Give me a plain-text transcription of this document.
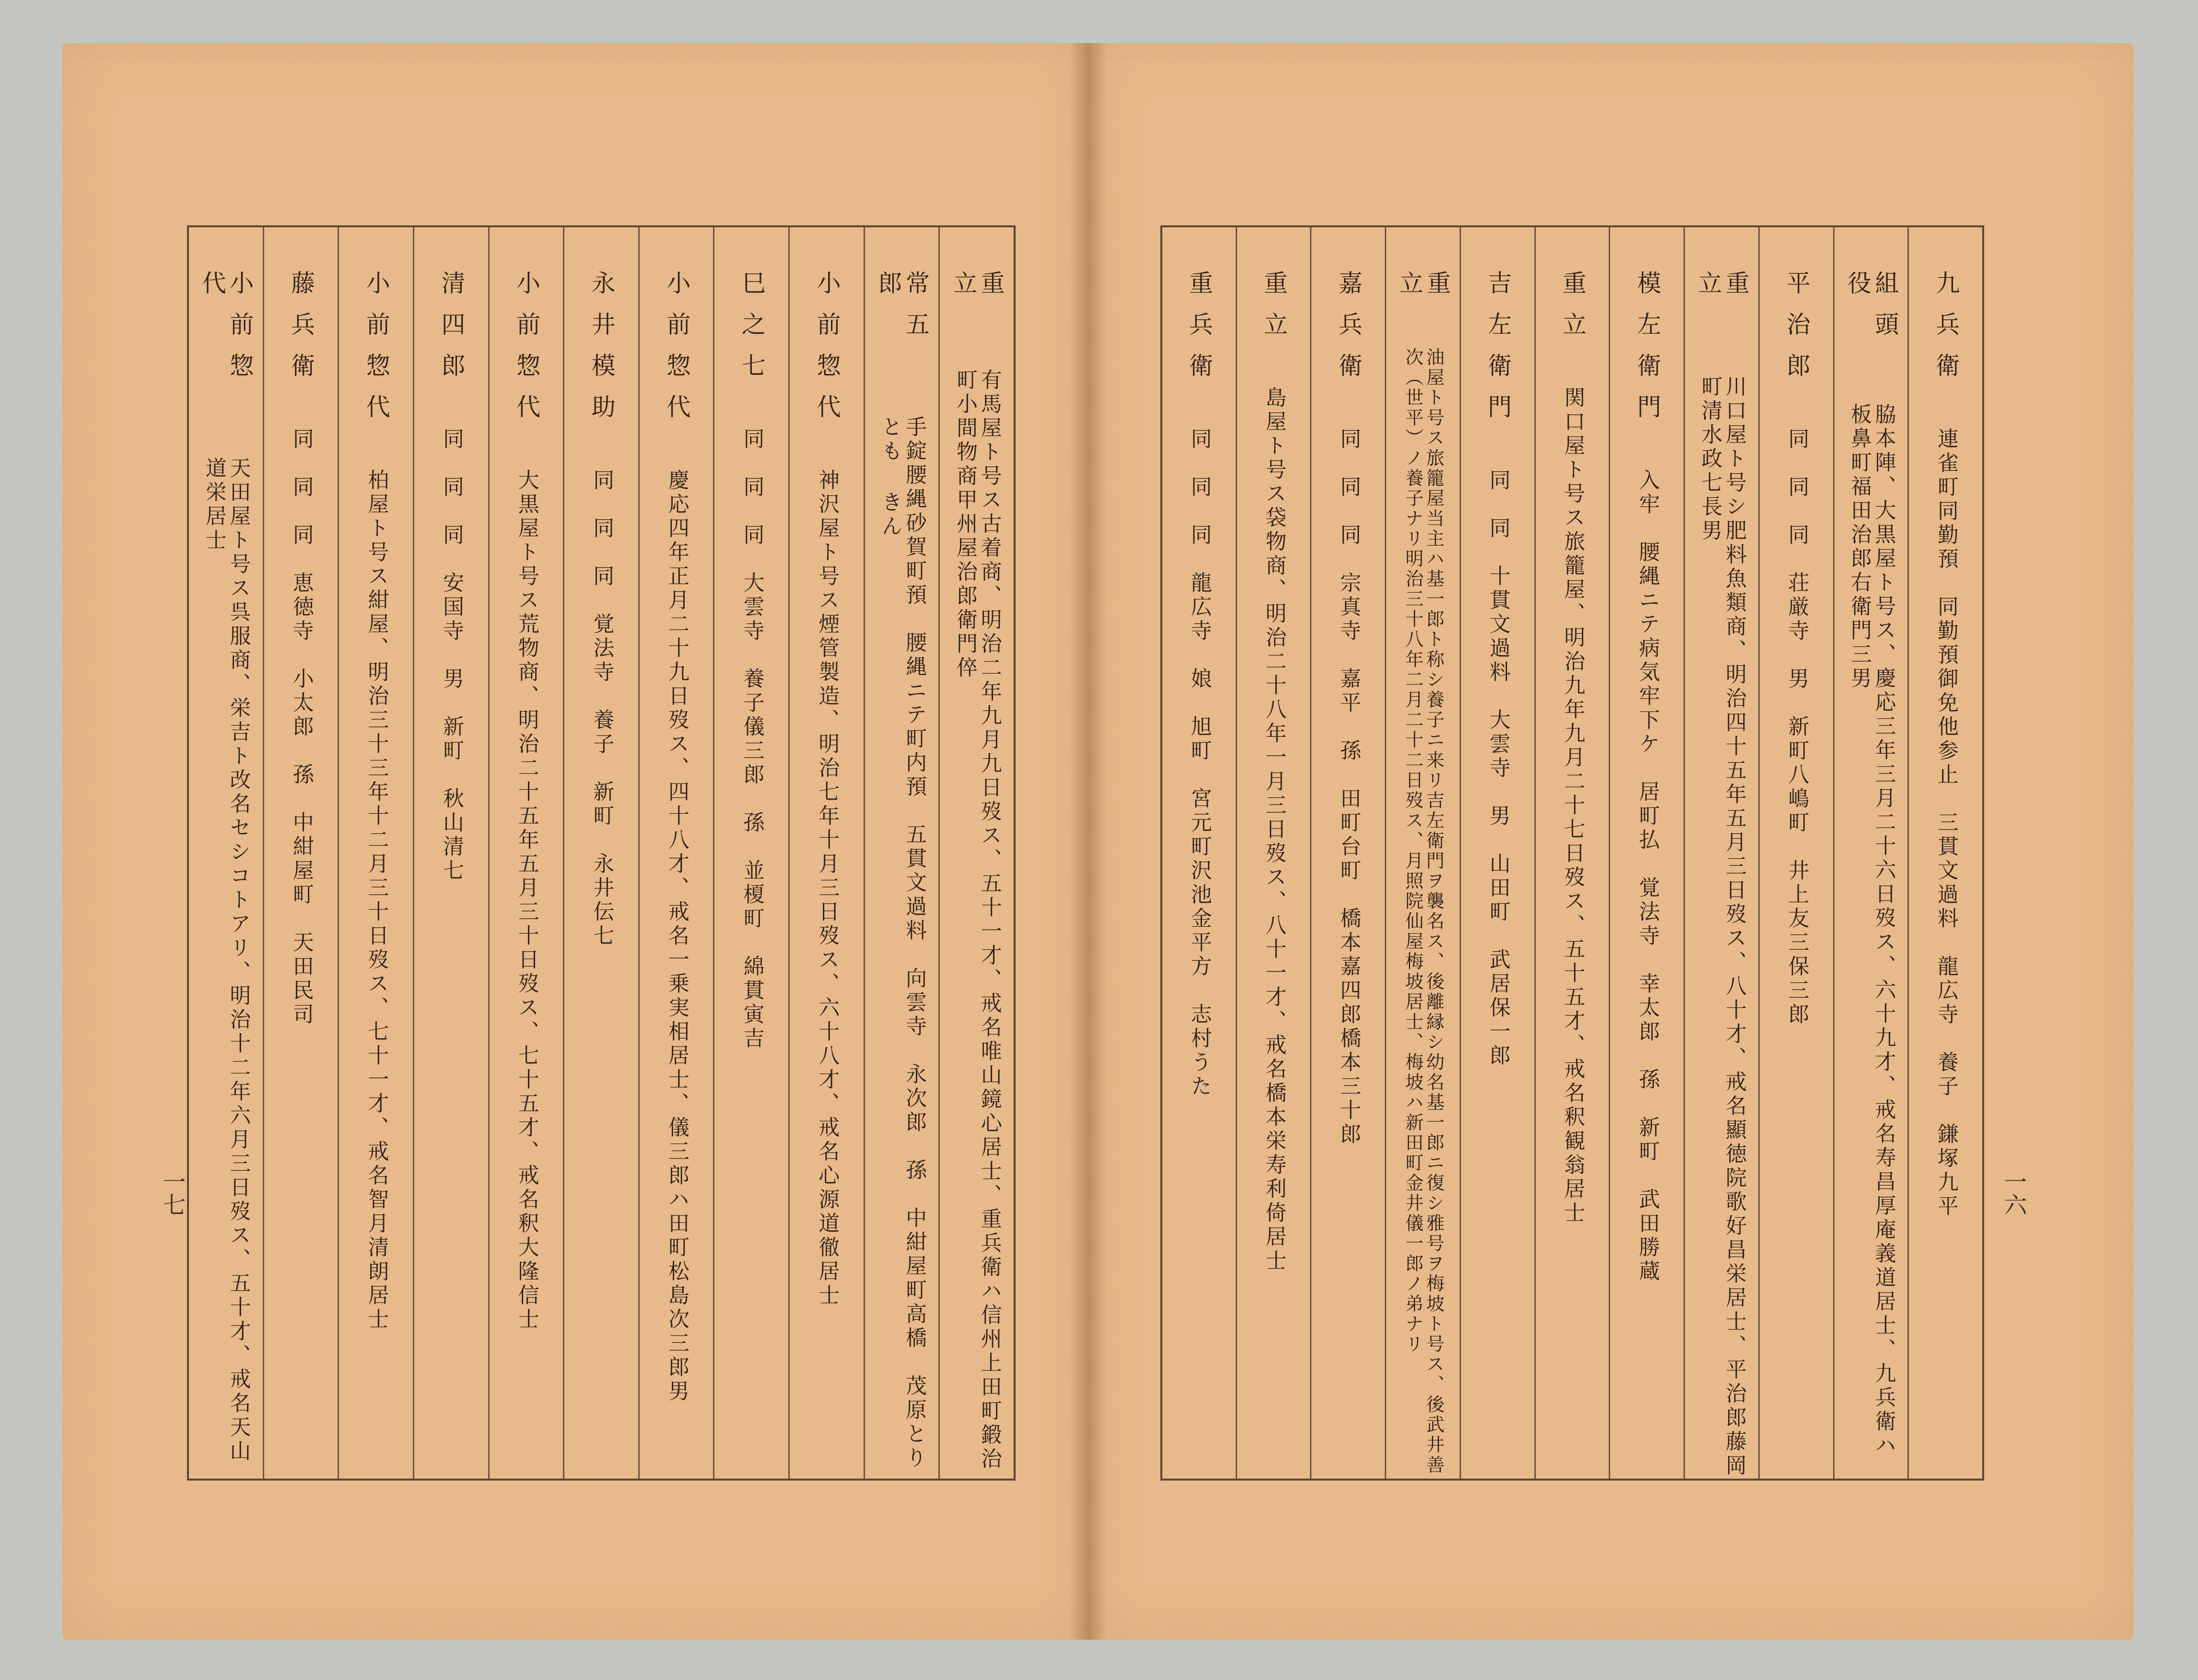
重立
有馬屋ト号ス古着商、明治二年九月九日歿ス、五十一才、戒名唯山鏡心居士、重兵衛ハ信州上田町鍛治町小間物商甲州屋治郎衛門倅
常五郎
手錠腰縄砂賀町預　腰縄ニテ町内預　五貫文過料　向雲寺　永次郎　孫　中紺屋町高橋　茂原とりとも きん
小前惣代
神沢屋ト号ス煙管製造、明治七年十月三日歿ス、六十八才、戒名心源道徹居士
巳之七
同　同　同　大雲寺　養子儀三郎　孫　並榎町　綿貫寅吉
小前惣代
慶応四年正月二十九日歿ス、四十八才、戒名一乗実相居士、儀三郎ハ田町松島次三郎男
永井模助
同　同　同　覚法寺　養子　新町　永井伝七
小前惣代
大黒屋ト号ス荒物商、明治二十五年五月三十日歿ス、七十五才、戒名釈大隆信士
清四郎
同　同　同　安国寺　男　新町　秋山清七
小前惣代
柏屋ト号ス紺屋、明治三十三年十二月三十日歿ス、七十一才、戒名智月清朗居士
藤兵衛
同　同　同　恵徳寺　小太郎　孫　中紺屋町　天田民司
小前惣代
天田屋ト号ス呉服商、栄吉ト改名セシコトアリ、明治十二年六月三日歿ス、五十才、戒名天山道栄居士
九兵衛
連雀町同勤預　同勤預御免他参止　三貫文過料　龍広寺　養子　鎌塚九平
組頭役
脇本陣、大黒屋ト号ス、慶応三年三月二十六日歿ス、六十九才、戒名寿昌厚庵義道居士、九兵衛ハ板鼻町福田治郎右衛門三男
平治郎
同　同　同　荘厳寺　男　新町八嶋町　井上友三保三郎
重立
川口屋ト号シ肥料魚類商、明治四十五年五月三日歿ス、八十才、戒名顯徳院歌好昌栄居士、平治郎藤岡町清水政七長男
模左衛門
入牢　腰縄ニテ病気牢下ケ　居町払　覚法寺　幸太郎　孫　新町　武田勝蔵
重立
関口屋ト号ス旅籠屋、明治九年九月二十七日歿ス、五十五才、戒名釈観翁居士
吉左衛門
同　同　十貫文過料　大雲寺　男　山田町　武居保一郎
重立
油屋ト号ス旅籠屋当主ハ基一郎ト称シ養子ニ来リ吉左衛門ヲ襲名ス、後離縁シ幼名基一郎ニ復シ雅号ヲ梅坡ト号ス、後武井善次（世平）ノ養子ナリ明治三十八年二月二十二日歿ス、月照院仙屋梅坡居士、梅坡ハ新田町金井儀一郎ノ弟ナリ
嘉兵衛
同　同　同　宗真寺　嘉平　孫　田町台町　橋本嘉四郎橋本三十郎
重立
島屋ト号ス袋物商、明治二十八年一月三日歿ス、八十一才、戒名橋本栄寿利倚居士
重兵衛
同　同　同　龍広寺　娘　旭町　宮元町沢池金平方　志村うた
一七	一六
